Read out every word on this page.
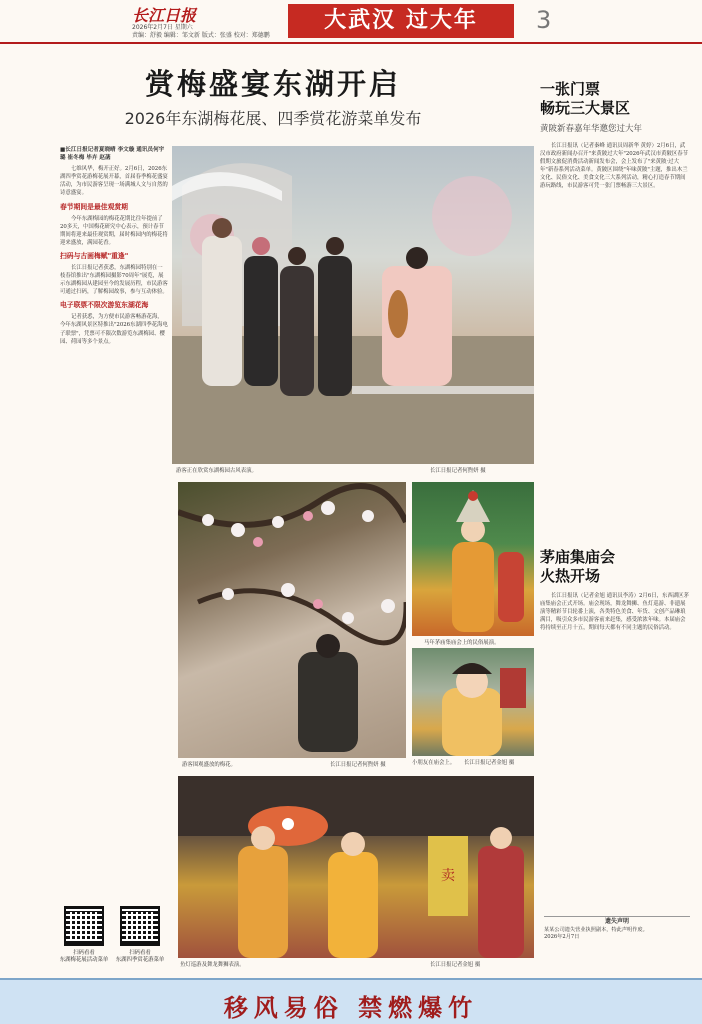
长江日报
2026年2月7日 星期六
责编：舒毅 编辑：邹文新 版式：张盛 校对：郑德鹏
大武汉 过大年	3
赏梅盛宴东湖开启
2026年东湖梅花展、四季赏花游菜单发布
■长江日报记者夏晓晴 李文璇 通讯员何宇璐 崔冬梅 毕卉 赵菡

七维风华，梅开正好。2月6日，2026东湖四季赏花游梅花展开幕，首届春季梅花盛宴活动，为市民游客呈现一场满城人文与自然的诗意盛宴。

春节期间是最佳观赏期

今年东湖梅园的梅花花期比往年提前了20多天，中国梅花研究中心表示，预计春节期间将迎来最佳观赏期，届时梅园内的梅花将迎来盛放，满园花香。

扫码与古画梅赋"重逢"

长江日报记者获悉，东湖梅园特别在一枝春馆推出"东湖梅园摄影70周年"展览，展示东湖梅园从建园至今的发展历程，市民游客可通过扫码，了解梅园故事，参与互动体验。

电子联票不限次游览东湖花海

记者获悉，为方便市民游客畅游花海，今年东湖风景区特推出"2026东湖四季花海电子联票"，凭票可不限次数游览东湖梅园、樱园、荷园等多个景点。

扫码看看
东湖梅花展活动菜单
扫码看看
东湖四季赏花游菜单
游客正在欣赏东湖梅园古风表演。	长江日报记者何煦妍 摄
游客围观盛放的梅花。	长江日报记者何煦妍 摄
马年茅庙集庙会上的民俗展演。
小朋友在庙会上。 长江日报记者金旭 摄
卖
鱼灯巡游及舞龙舞狮表演。	长江日报记者金旭 摄
一张门票
畅玩三大景区
黄陂新春嘉年华邀您过大年

长江日报讯（记者秦峰 通讯员周新华 黄婷）2月6日，武汉市政府新闻办召开"来黄陂过大年"2026年武汉市黄陂区春节假期文旅促消费活动新闻发布会，会上发布了"来黄陂·过大年"新春系列活动菜单。黄陂区围绕"年味黄陂"主题，推出木兰文化、民俗文化、美食文化三大系列活动，精心打造春节期间游玩路线，市民游客可凭一张门票畅游三大景区。

茅庙集庙会
火热开场

长江日报讯（记者金旭 通讯员李涛）2月6日，东西湖区茅庙集庙会正式开场。庙会现场，舞龙舞狮、鱼灯巡游、非遗展演等精彩节目轮番上演，各类特色美食、年货、文创产品琳琅满目，吸引众多市民游客前来赶集，感受浓浓年味。本届庙会将持续至正月十五，期间每天都有不同主题的民俗活动。

遗失声明
某某公司遗失营业执照副本，特此声明作废。
2026年2月7日
移风易俗 禁燃爆竹
